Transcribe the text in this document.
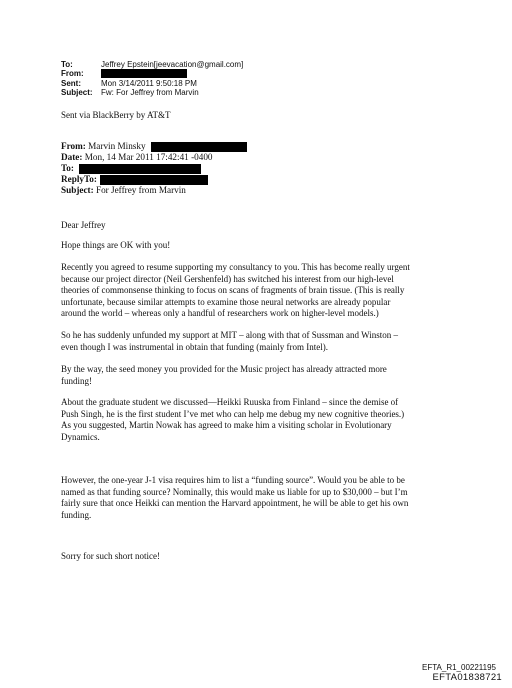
To:	Jeffrey Epstein[jeevacation@gmail.com]
From:
Sent:	Mon 3/14/2011 9:50:18 PM
Subject:	Fw: For Jeffrey from Marvin
Sent via BlackBerry by AT&T
From: Marvin Minsky
Date: Mon, 14 Mar 2011 17:42:41 -0400
To:
ReplyTo:
Subject: For Jeffrey from Marvin
Dear Jeffrey
Hope things are OK with you!
Recently you agreed to resume supporting my consultancy to you. This has become really urgent
because our project director (Neil Gershenfeld) has switched his interest from our high-level
theories of commonsense thinking to focus on scans of fragments of brain tissue. (This is really
unfortunate, because similar attempts to examine those neural networks are already popular
around the world – whereas only a handful of researchers work on higher-level models.)
So he has suddenly unfunded my support at MIT – along with that of Sussman and Winston –
even though I was instrumental in obtain that funding (mainly from Intel).
By the way, the seed money you provided for the Music project has already attracted more
funding!
About the graduate student we discussed—Heikki Ruuska from Finland – since the demise of
Push Singh, he is the first student I’ve met who can help me debug my new cognitive theories.)
As you suggested, Martin Nowak has agreed to make him a visiting scholar in Evolutionary
Dynamics.
However, the one-year J-1 visa requires him to list a “funding source”. Would you be able to be
named as that funding source? Nominally, this would make us liable for up to $30,000 – but I’m
fairly sure that once Heikki can mention the Harvard appointment, he will be able to get his own
funding.
Sorry for such short notice!
EFTA_R1_00221195
EFTA01838721
